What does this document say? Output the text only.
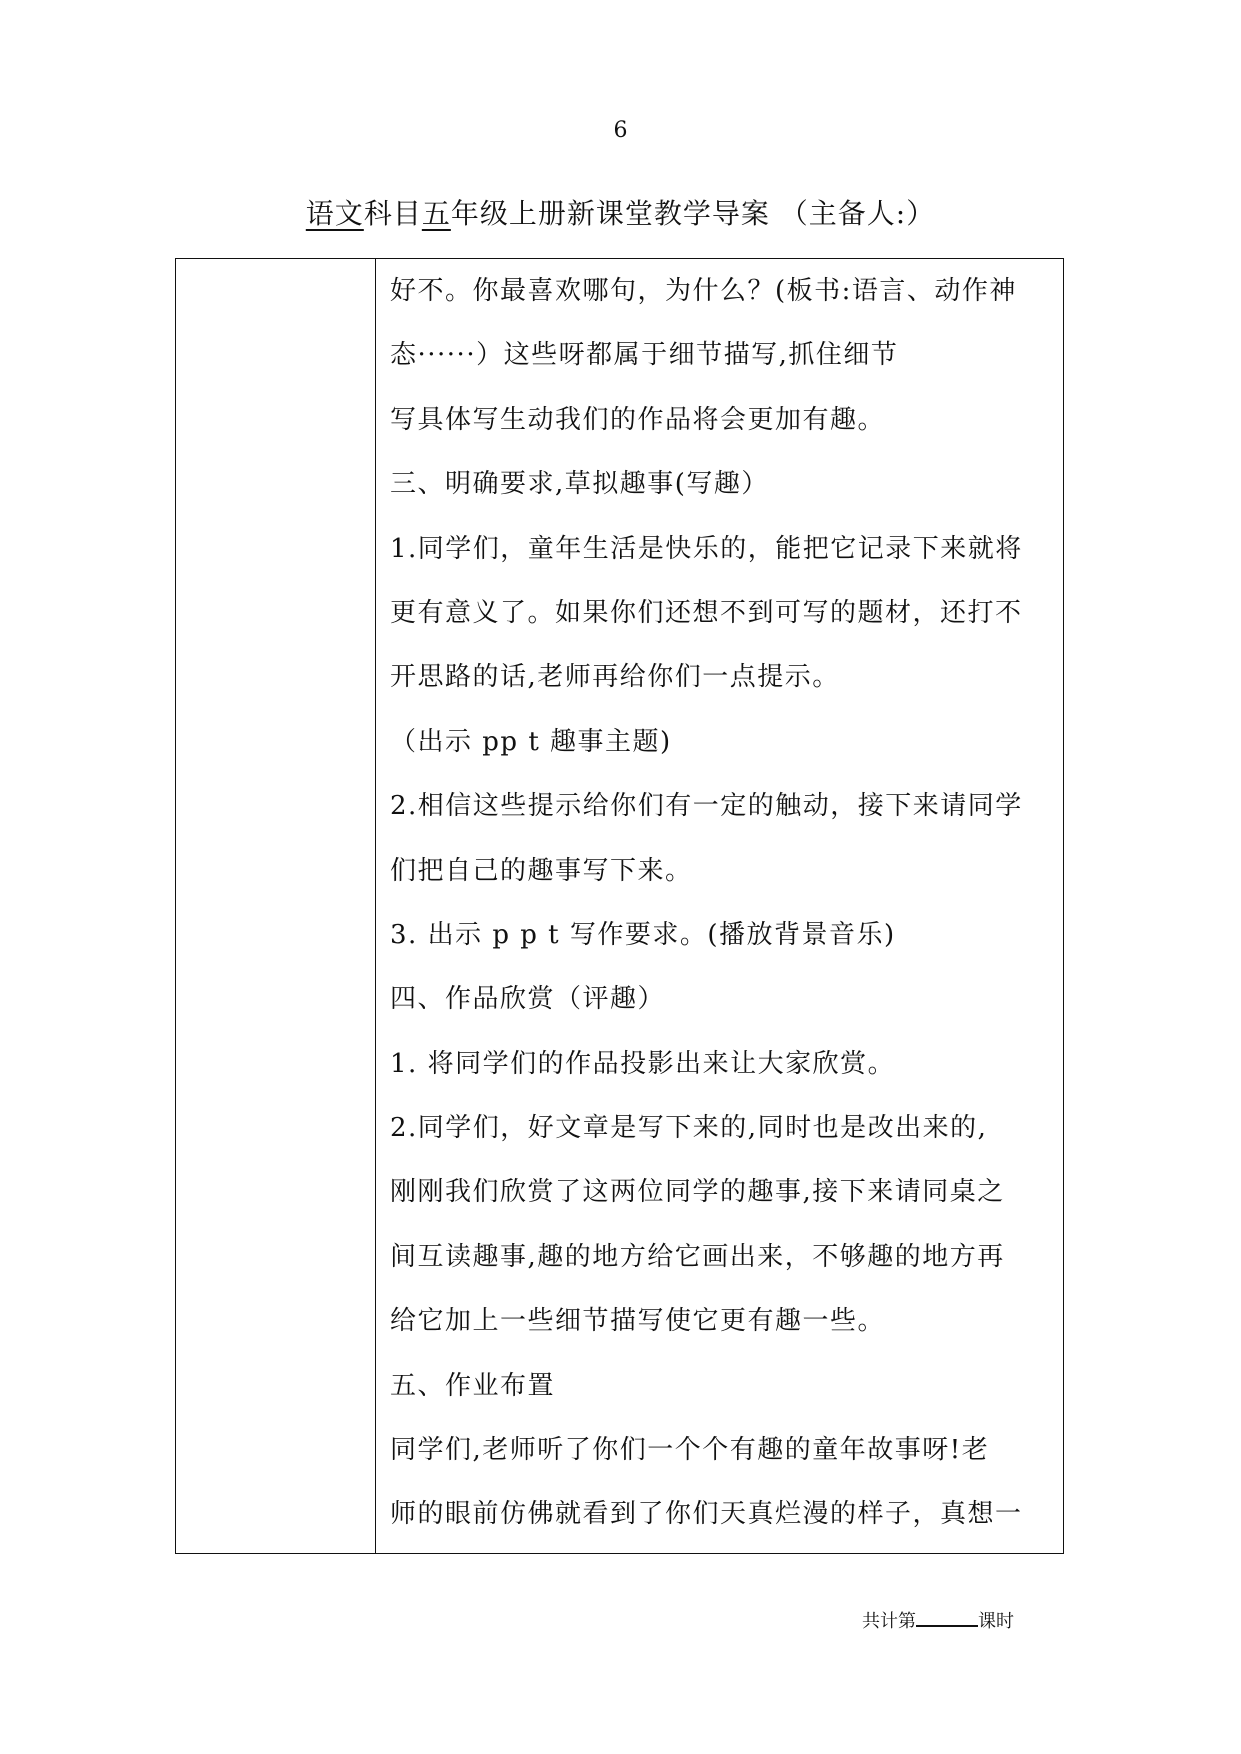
6
语文科目五年级上册新课堂教学导案 （主备人:）
好不。你最喜欢哪句，为什么？(板书:语言、动作神
态······）这些呀都属于细节描写,抓住细节
写具体写生动我们的作品将会更加有趣。
三、明确要求,草拟趣事(写趣）
1.同学们，童年生活是快乐的，能把它记录下来就将
更有意义了。如果你们还想不到可写的题材，还打不
开思路的话,老师再给你们一点提示。
（出示 pp t 趣事主题)
2.相信这些提示给你们有一定的触动，接下来请同学
们把自己的趣事写下来。
3. 出示 p p t 写作要求。(播放背景音乐)
四、作品欣赏（评趣）
1. 将同学们的作品投影出来让大家欣赏。
2.同学们，好文章是写下来的,同时也是改出来的,
刚刚我们欣赏了这两位同学的趣事,接下来请同桌之
间互读趣事,趣的地方给它画出来，不够趣的地方再
给它加上一些细节描写使它更有趣一些。
五、作业布置
同学们,老师听了你们一个个有趣的童年故事呀!老
师的眼前仿佛就看到了你们天真烂漫的样子，真想一
共计第	课时
